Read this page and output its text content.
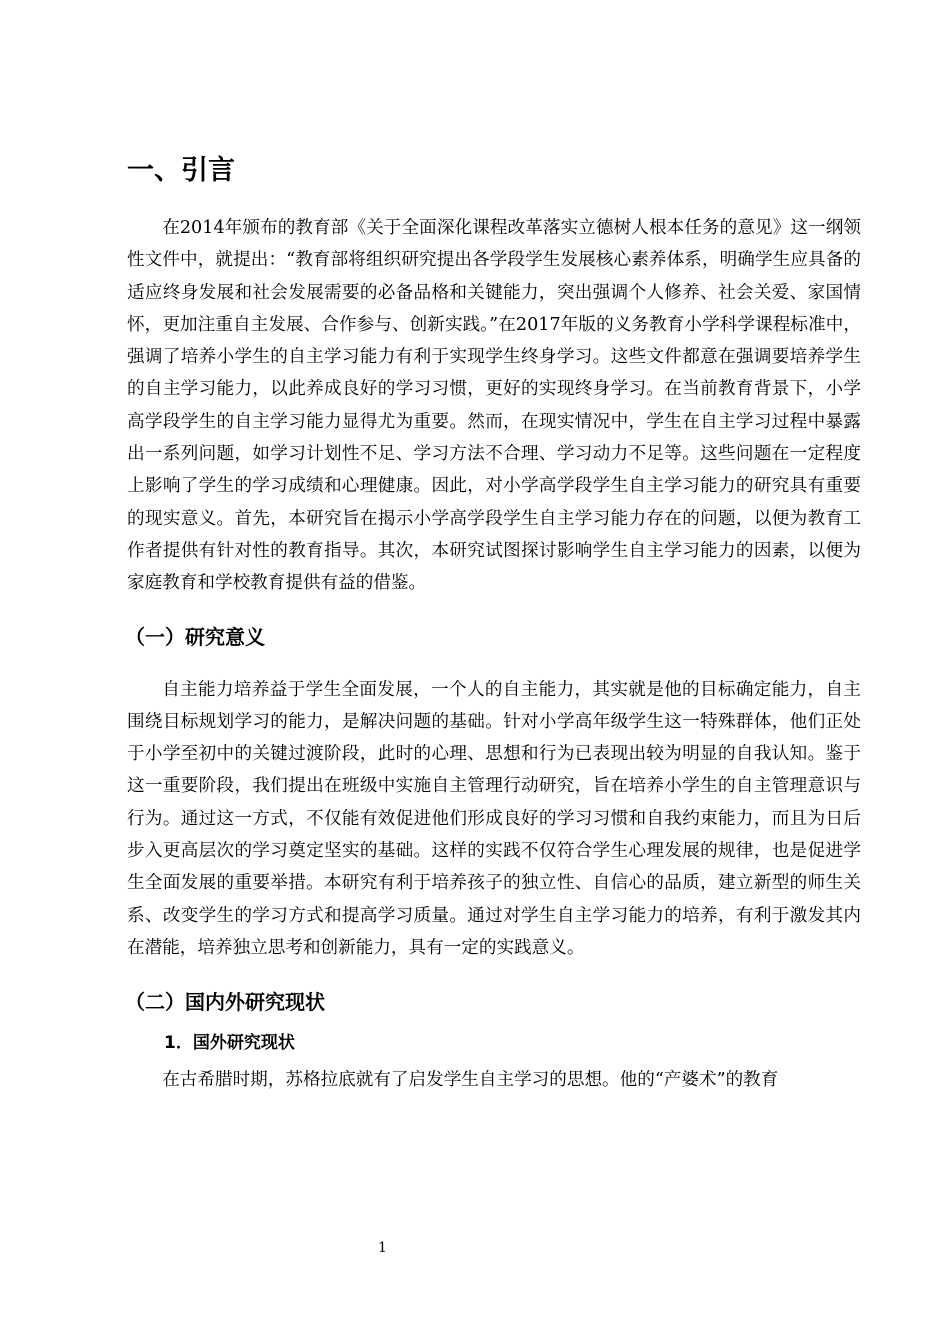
一、引言

在2014年颁布的教育部《关于全面深化课程改革落实立德树人根本任务的意见》这一纲领性文件中，就提出：“教育部将组织研究提出各学段学生发展核心素养体系，明确学生应具备的适应终身发展和社会发展需要的必备品格和关键能力，突出强调个人修养、社会关爱、家国情怀，更加注重自主发展、合作参与、创新实践。”在2017年版的义务教育小学科学课程标准中，强调了培养小学生的自主学习能力有利于实现学生终身学习。这些文件都意在强调要培养学生的自主学习能力，以此养成良好的学习习惯，更好的实现终身学习。在当前教育背景下，小学高学段学生的自主学习能力显得尤为重要。然而，在现实情况中，学生在自主学习过程中暴露出一系列问题，如学习计划性不足、学习方法不合理、学习动力不足等。这些问题在一定程度上影响了学生的学习成绩和心理健康。因此，对小学高学段学生自主学习能力的研究具有重要的现实意义。首先，本研究旨在揭示小学高学段学生自主学习能力存在的问题，以便为教育工作者提供有针对性的教育指导。其次，本研究试图探讨影响学生自主学习能力的因素，以便为家庭教育和学校教育提供有益的借鉴。

（一）研究意义

自主能力培养益于学生全面发展，一个人的自主能力，其实就是他的目标确定能力，自主围绕目标规划学习的能力，是解决问题的基础。针对小学高年级学生这一特殊群体，他们正处于小学至初中的关键过渡阶段，此时的心理、思想和行为已表现出较为明显的自我认知。鉴于这一重要阶段，我们提出在班级中实施自主管理行动研究，旨在培养小学生的自主管理意识与行为。通过这一方式，不仅能有效促进他们形成良好的学习习惯和自我约束能力，而且为日后步入更高层次的学习奠定坚实的基础。这样的实践不仅符合学生心理发展的规律，也是促进学生全面发展的重要举措。本研究有利于培养孩子的独立性、自信心的品质，建立新型的师生关系、改变学生的学习方式和提高学习质量。通过对学生自主学习能力的培养，有利于激发其内在潜能，培养独立思考和创新能力，具有一定的实践意义。

（二）国内外研究现状
1．国外研究现状

在古希腊时期，苏格拉底就有了启发学生自主学习的思想。他的“产婆术”的教育

1
